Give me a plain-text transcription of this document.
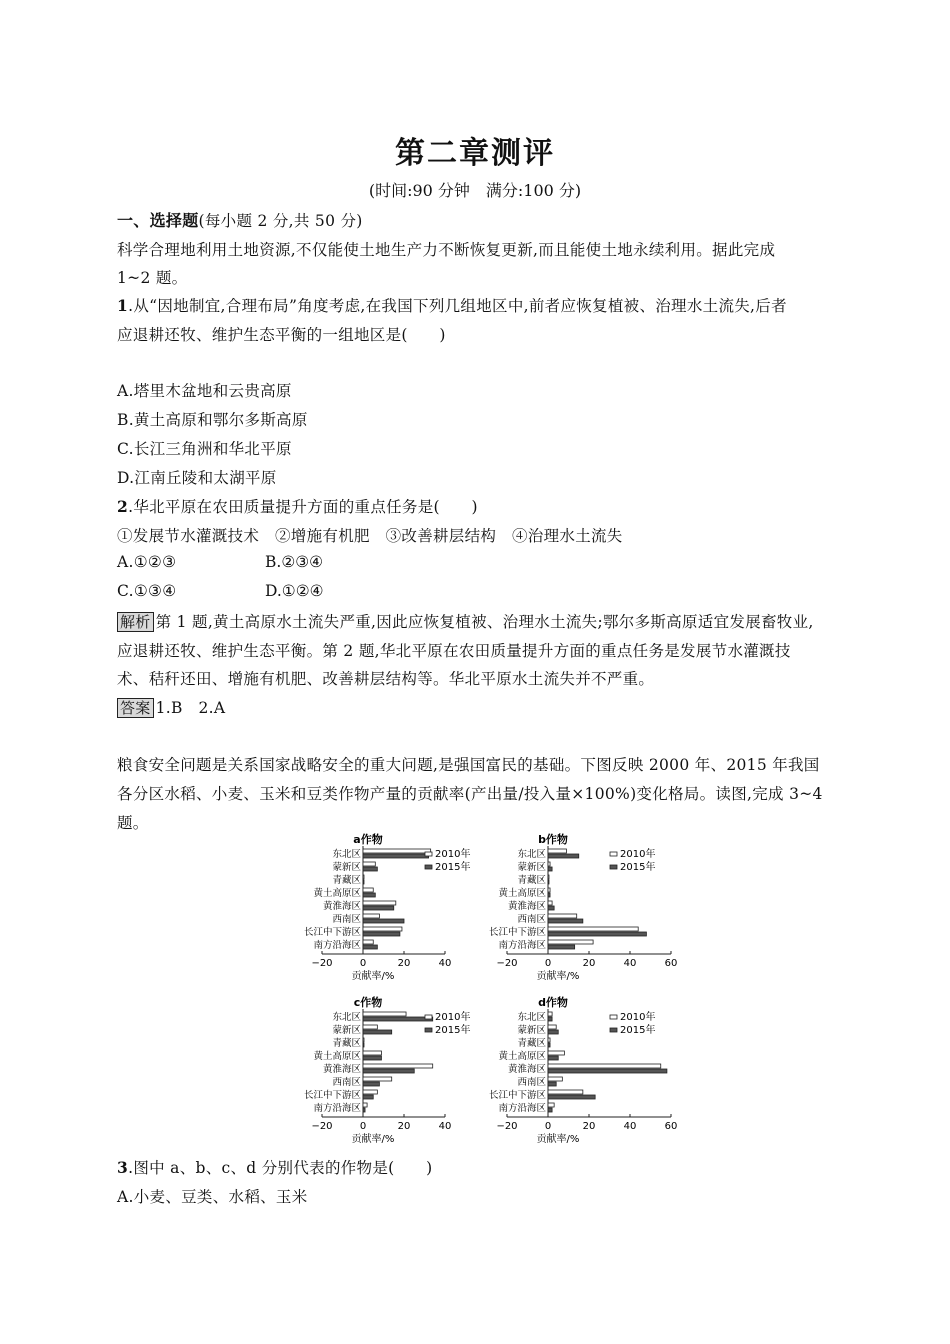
第二章测评
(时间:90 分钟　满分:100 分)
一、选择题(每小题 2 分,共 50 分)
科学合理地利用土地资源,不仅能使土地生产力不断恢复更新,而且能使土地永续利用。据此完成
1~2 题。
1.从“因地制宜,合理布局”角度考虑,在我国下列几组地区中,前者应恢复植被、治理水土流失,后者
应退耕还牧、维护生态平衡的一组地区是(　　)
A.塔里木盆地和云贵高原
B.黄土高原和鄂尔多斯高原
C.长江三角洲和华北平原
D.江南丘陵和太湖平原
2.华北平原在农田质量提升方面的重点任务是(　　)
①发展节水灌溉技术　②增施有机肥　③改善耕层结构　④治理水土流失
A.①②③	B.②③④
C.①③④	D.①②④
解析 第 1 题,黄土高原水土流失严重,因此应恢复植被、治理水土流失;鄂尔多斯高原适宜发展畜牧业,
应退耕还牧、维护生态平衡。第 2 题,华北平原在农田质量提升方面的重点任务是发展节水灌溉技
术、秸秆还田、增施有机肥、改善耕层结构等。华北平原水土流失并不严重。
答案 1.B　2.A
粮食安全问题是关系国家战略安全的重大问题,是强国富民的基础。下图反映 2000 年、2015 年我国
各分区水稻、小麦、玉米和豆类作物产量的贡献率(产出量/投入量×100%)变化格局。读图,完成 3~4
题。
a作物
−20	0	20	40
贡献率/%
东北区
蒙新区
青藏区
黄土高原区
黄淮海区
西南区
长江中下游区
南方沿海区
2010年
2015年
b作物
−20	0	20	40	60
贡献率/%
东北区
蒙新区
青藏区
黄土高原区
黄淮海区
西南区
长江中下游区
南方沿海区
2010年
2015年
c作物
−20	0	20	40
贡献率/%
东北区
蒙新区
青藏区
黄土高原区
黄淮海区
西南区
长江中下游区
南方沿海区
2010年
2015年
d作物
−20	0	20	40	60
贡献率/%
东北区
蒙新区
青藏区
黄土高原区
黄淮海区
西南区
长江中下游区
南方沿海区
2010年
2015年
3.图中 a、b、c、d 分别代表的作物是(　　)
A.小麦、豆类、水稻、玉米
